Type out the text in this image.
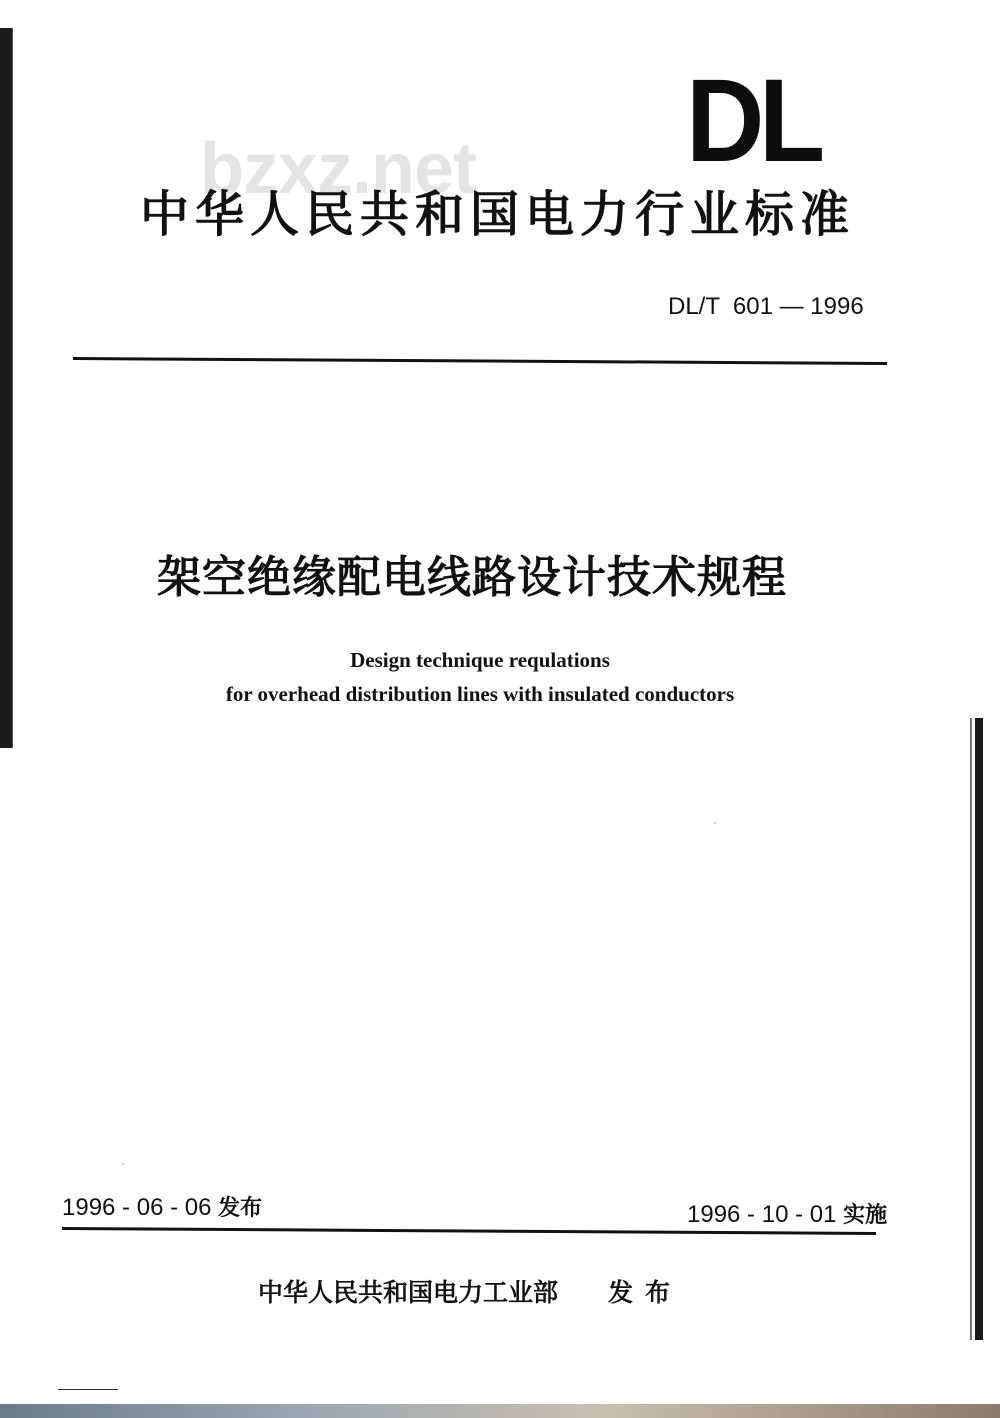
bzxz.net DL
中华人民共和国电力行业标准
DL/T  601 — 1996
架空绝缘配电线路设计技术规程
Design technique requlations
for overhead distribution lines with insulated conductors
1996 - 06 - 06 发布	1996 - 10 - 01 实施
中华人民共和国电力工业部 发布
